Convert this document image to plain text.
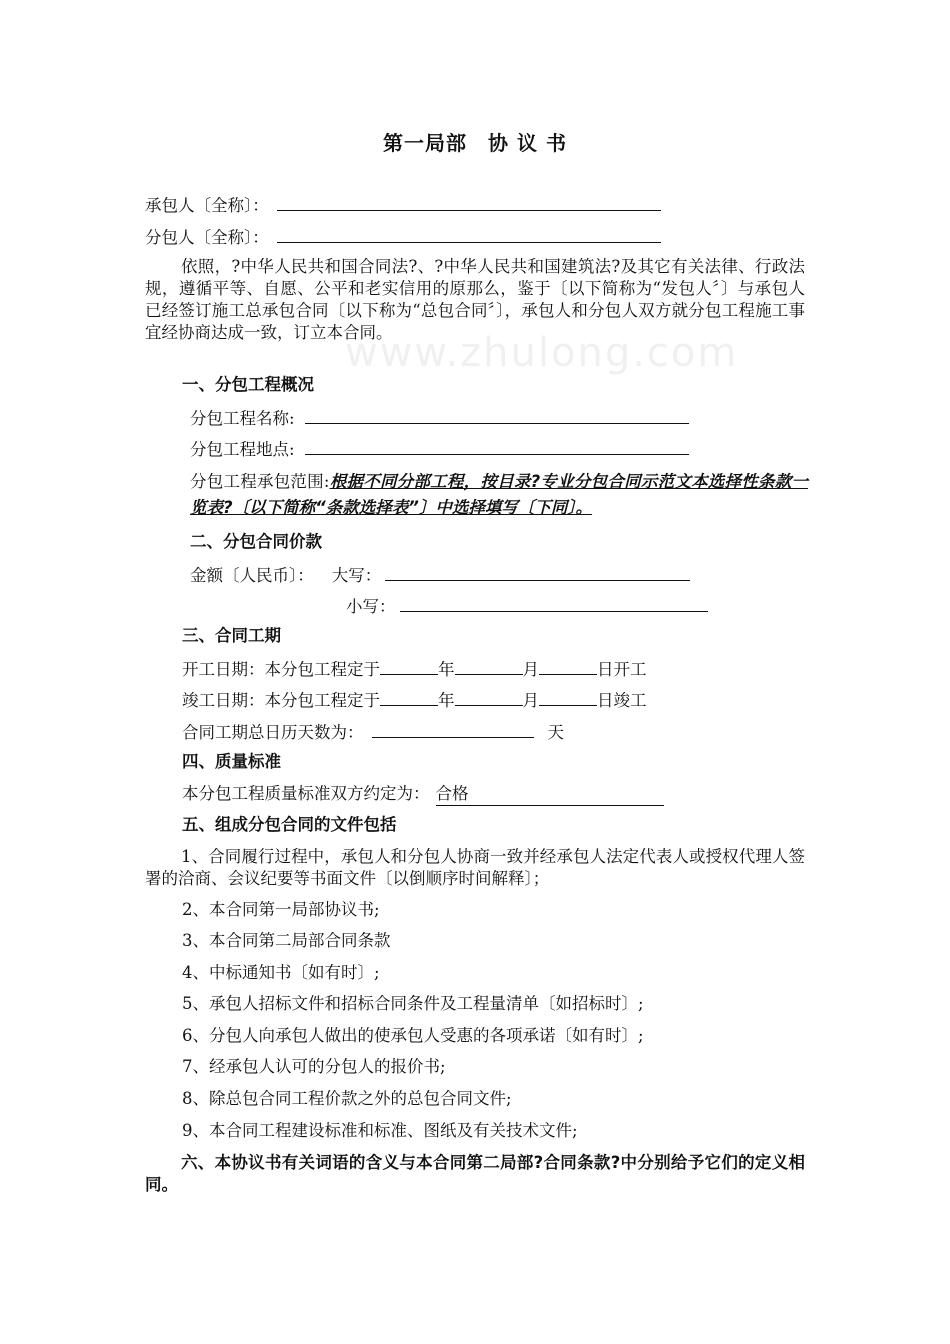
www.zhulong.com
第一局部　协 议 书
承包人〔全称〕：
分包人〔全称〕：
依照，?中华人民共和国合同法?、?中华人民共和国建筑法?及其它有关法律、行政法规，遵循平等、自愿、公平和老实信用的原那么，鉴于〔以下简称为“发包人〞〕与承包人已经签订施工总承包合同〔以下称为“总包合同〞〕，承包人和分包人双方就分包工程施工事宜经协商达成一致，订立本合同。
一、分包工程概况
分包工程名称:
分包工程地点:
分包工程承包范围:根据不同分部工程，按目录?专业分包合同示范文本选择性条款一览表?〔以下简称“条款选择表”〕中选择填写〔下同〕。
二、分包合同价款
金额〔人民币〕： 大写：
小写：
三、合同工期
开工日期：本分包工程定于	年	月	日开工
竣工日期：本分包工程定于	年	月	日竣工
合同工期总日历天数为：	天
四、质量标准
本分包工程质量标准双方约定为： 合格
五、组成分包合同的文件包括
1、合同履行过程中，承包人和分包人协商一致并经承包人法定代表人或授权代理人签署的洽商、会议纪要等书面文件〔以倒顺序时间解释〕；
2、本合同第一局部协议书;
3、本合同第二局部合同条款
4、中标通知书〔如有时〕;
5、承包人招标文件和招标合同条件及工程量清单〔如招标时〕;
6、分包人向承包人做出的使承包人受惠的各项承诺〔如有时〕;
7、经承包人认可的分包人的报价书;
8、除总包合同工程价款之外的总包合同文件;
9、本合同工程建设标准和标准、图纸及有关技术文件;
六、本协议书有关词语的含义与本合同第二局部?合同条款?中分别给予它们的定义相同。
